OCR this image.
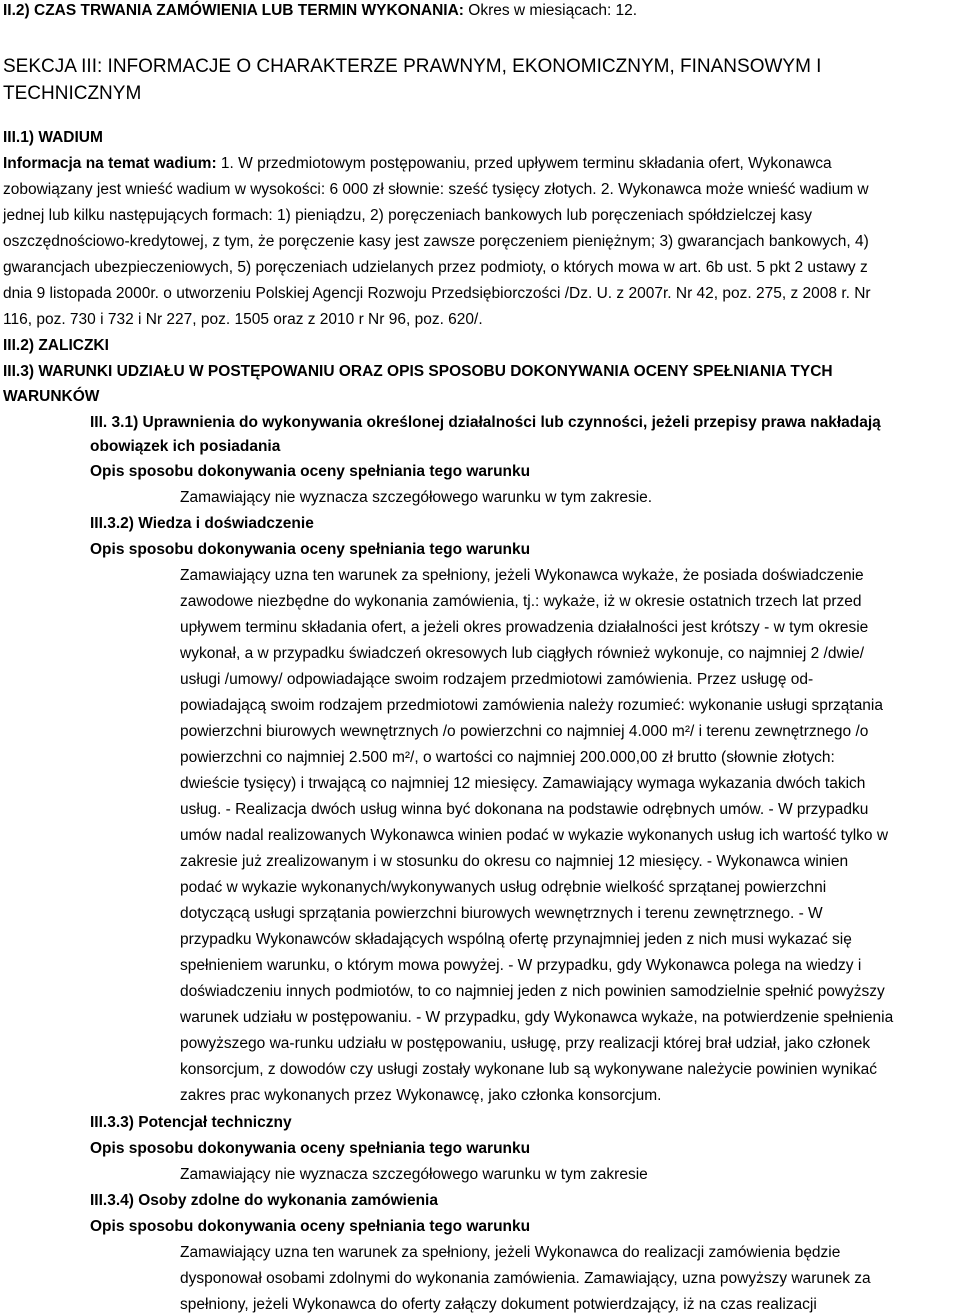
II.2) CZAS TRWANIA ZAMÓWIENIA LUB TERMIN WYKONANIA: Okres w miesiącach: 12.
SEKCJA III: INFORMACJE O CHARAKTERZE PRAWNYM, EKONOMICZNYM, FINANSOWYM I
TECHNICZNYM
III.1) WADIUM
Informacja na temat wadium: 1. W przedmiotowym postępowaniu, przed upływem terminu składania ofert, Wykonawca
zobowiązany jest wnieść wadium w wysokości: 6 000 zł słownie: sześć tysięcy złotych. 2. Wykonawca może wnieść wadium w
jednej lub kilku następujących formach: 1) pieniądzu, 2) poręczeniach bankowych lub poręczeniach spółdzielczej kasy
oszczędnościowo-kredytowej, z tym, że poręczenie kasy jest zawsze poręczeniem pieniężnym; 3) gwarancjach bankowych, 4)
gwarancjach ubezpieczeniowych, 5) poręczeniach udzielanych przez podmioty, o których mowa w art. 6b ust. 5 pkt 2 ustawy z
dnia 9 listopada 2000r. o utworzeniu Polskiej Agencji Rozwoju Przedsiębiorczości /Dz. U. z 2007r. Nr 42, poz. 275, z 2008 r. Nr
116, poz. 730 i 732 i Nr 227, poz. 1505 oraz z 2010 r Nr 96, poz. 620/.
III.2) ZALICZKI
III.3) WARUNKI UDZIAŁU W POSTĘPOWANIU ORAZ OPIS SPOSOBU DOKONYWANIA OCENY SPEŁNIANIA TYCH
WARUNKÓW
III. 3.1) Uprawnienia do wykonywania określonej działalności lub czynności, jeżeli przepisy prawa nakładają
obowiązek ich posiadania
Opis sposobu dokonywania oceny spełniania tego warunku
Zamawiający nie wyznacza szczegółowego warunku w tym zakresie.
III.3.2) Wiedza i doświadczenie
Opis sposobu dokonywania oceny spełniania tego warunku
Zamawiający uzna ten warunek za spełniony, jeżeli Wykonawca wykaże, że posiada doświadczenie
zawodowe niezbędne do wykonania zamówienia, tj.: wykaże, iż w okresie ostatnich trzech lat przed
upływem terminu składania ofert, a jeżeli okres prowadzenia działalności jest krótszy - w tym okresie
wykonał, a w przypadku świadczeń okresowych lub ciągłych również wykonuje, co najmniej 2 /dwie/
usługi /umowy/ odpowiadające swoim rodzajem przedmiotowi zamówienia. Przez usługę od-
powiadającą swoim rodzajem przedmiotowi zamówienia należy rozumieć: wykonanie usługi sprzątania
powierzchni biurowych wewnętrznych /o powierzchni co najmniej 4.000 m²/ i terenu zewnętrznego /o
powierzchni co najmniej 2.500 m²/, o wartości co najmniej 200.000,00 zł brutto (słownie złotych:
dwieście tysięcy) i trwającą co najmniej 12 miesięcy. Zamawiający wymaga wykazania dwóch takich
usług. - Realizacja dwóch usług winna być dokonana na podstawie odrębnych umów. - W przypadku
umów nadal realizowanych Wykonawca winien podać w wykazie wykonanych usług ich wartość tylko w
zakresie już zrealizowanym i w stosunku do okresu co najmniej 12 miesięcy. - Wykonawca winien
podać w wykazie wykonanych/wykonywanych usług odrębnie wielkość sprzątanej powierzchni
dotyczącą usługi sprzątania powierzchni biurowych wewnętrznych i terenu zewnętrznego. - W
przypadku Wykonawców składających wspólną ofertę przynajmniej jeden z nich musi wykazać się
spełnieniem warunku, o którym mowa powyżej. - W przypadku, gdy Wykonawca polega na wiedzy i
doświadczeniu innych podmiotów, to co najmniej jeden z nich powinien samodzielnie spełnić powyższy
warunek udziału w postępowaniu. - W przypadku, gdy Wykonawca wykaże, na potwierdzenie spełnienia
powyższego wa-runku udziału w postępowaniu, usługę, przy realizacji której brał udział, jako członek
konsorcjum, z dowodów czy usługi zostały wykonane lub są wykonywane należycie powinien wynikać
zakres prac wykonanych przez Wykonawcę, jako członka konsorcjum.
III.3.3) Potencjał techniczny
Opis sposobu dokonywania oceny spełniania tego warunku
Zamawiający nie wyznacza szczegółowego warunku w tym zakresie
III.3.4) Osoby zdolne do wykonania zamówienia
Opis sposobu dokonywania oceny spełniania tego warunku
Zamawiający uzna ten warunek za spełniony, jeżeli Wykonawca do realizacji zamówienia będzie
dysponował osobami zdolnymi do wykonania zamówienia. Zamawiający, uzna powyższy warunek za
spełniony, jeżeli Wykonawca do oferty załączy dokument potwierdzający, iż na czas realizacji
